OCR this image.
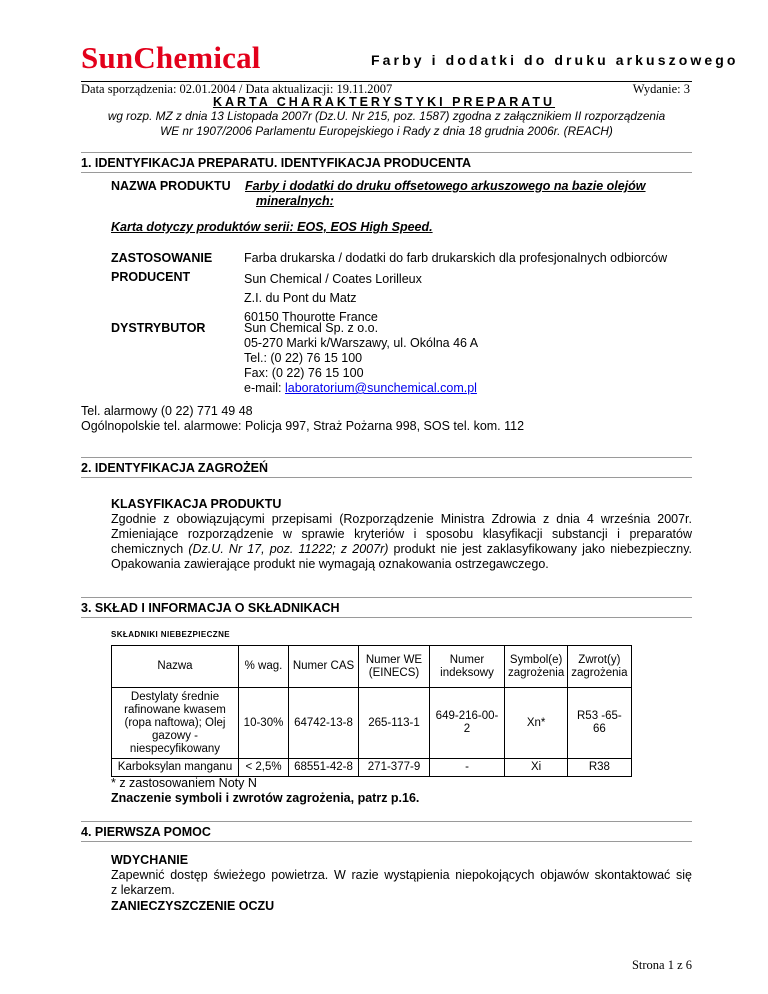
SunChemical	Farby i dodatki do druku arkuszowego
Data sporządzenia: 02.01.2004 / Data aktualizacji: 19.11.2007	Wydanie: 3
KARTA CHARAKTERYSTYKI PREPARATU
wg rozp. MZ z dnia 13 Listopada 2007r (Dz.U. Nr 215, poz. 1587) zgodna z załącznikiem II rozporządzenia
WE nr 1907/2006 Parlamentu Europejskiego i Rady z dnia 18 grudnia 2006r. (REACH)
1. IDENTYFIKACJA PREPARATU. IDENTYFIKACJA PRODUCENTA
NAZWA PRODUKTU Farby i dodatki do druku offsetowego arkuszowego na bazie olejów
mineralnych:
Karta dotyczy produktów serii: EOS, EOS High Speed.
ZASTOSOWANIE	Farba drukarska / dodatki do farb drukarskich dla profesjonalnych odbiorców
PRODUCENT	Sun Chemical / Coates Lorilleux
Z.I. du Pont du Matz
60150 Thourotte France
DYSTRYBUTOR	Sun Chemical Sp. z o.o.
05-270 Marki k/Warszawy, ul. Okólna 46 A
Tel.: (0 22) 76 15 100
Fax: (0 22) 76 15 100
e-mail: laboratorium@sunchemical.com.pl
Tel. alarmowy (0 22) 771 49 48
Ogólnopolskie tel. alarmowe: Policja 997, Straż Pożarna 998, SOS tel. kom. 112
2. IDENTYFIKACJA ZAGROŻEŃ
KLASYFIKACJA PRODUKTU
Zgodnie z obowiązującymi przepisami (Rozporządzenie Ministra Zdrowia z dnia 4 września 2007r.
Zmieniające rozporządzenie w sprawie kryteriów i sposobu klasyfikacji substancji i preparatów
chemicznych (Dz.U. Nr 17, poz. 11222; z 2007r) produkt nie jest zaklasyfikowany jako niebezpieczny.
Opakowania zawierające produkt nie wymagają oznakowania ostrzegawczego.
3. SKŁAD I INFORMACJA O SKŁADNIKACH
SKŁADNIKI NIEBEZPIECZNE
Nazwa	% wag.	Numer CAS	Numer WE (EINECS)	Numer indeksowy	Symbol(e) zagrożenia	Zwrot(y) zagrożenia
Destylaty średnie rafinowane kwasem (ropa naftowa); Olej gazowy - niespecyfikowany	10-30%	64742-13-8	265-113-1	649-216-00-2	Xn*	R53 -65-66
Karboksylan manganu	< 2,5%	68551-42-8	271-377-9	-	Xi	R38
* z zastosowaniem Noty N
Znaczenie symboli i zwrotów zagrożenia, patrz p.16.
4. PIERWSZA POMOC
WDYCHANIE
Zapewnić dostęp świeżego powietrza. W razie wystąpienia niepokojących objawów skontaktować się
z lekarzem.
ZANIECZYSZCZENIE OCZU
Strona 1 z 6
